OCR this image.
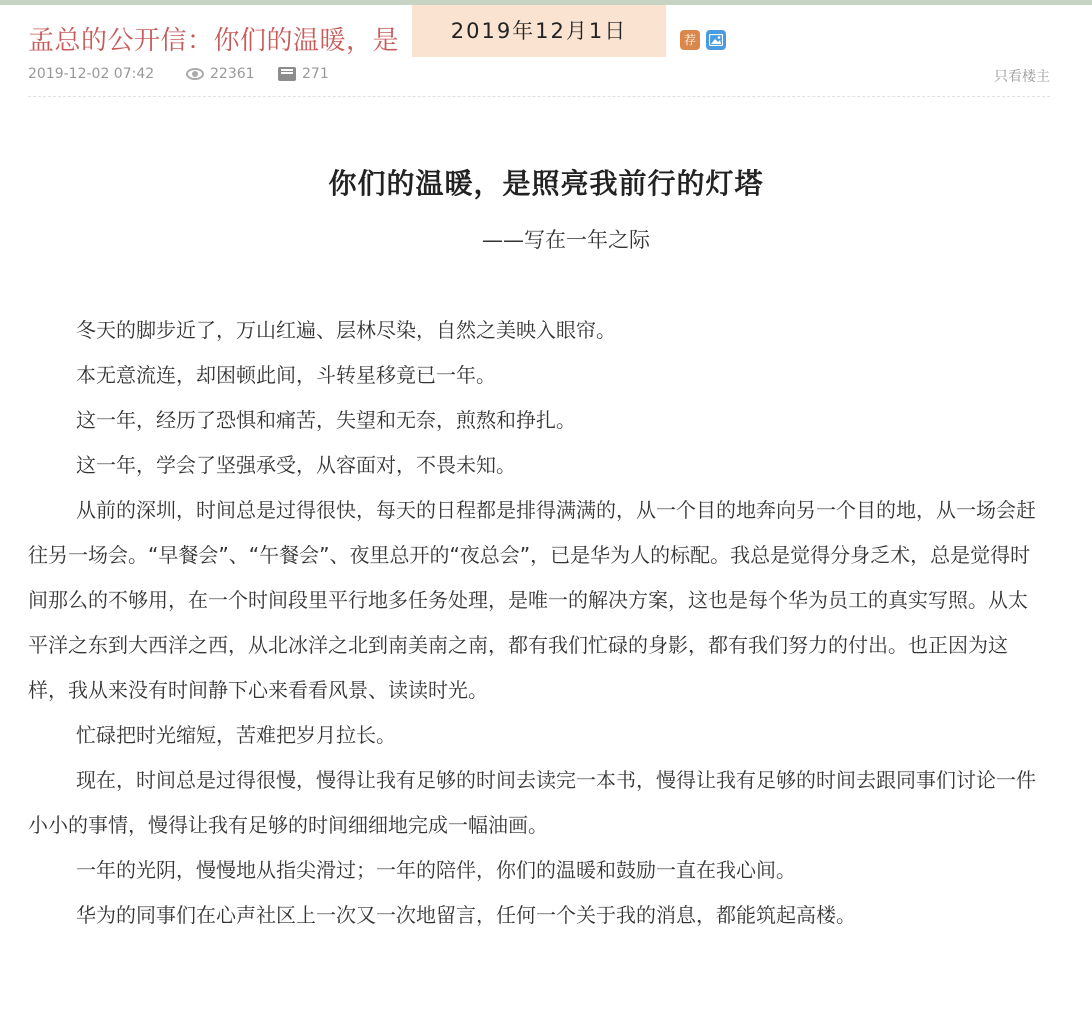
孟总的公开信：你们的温暖，是	2019年12月1日	荐
2019-12-02 07:42	22361	271	只看楼主
你们的温暖，是照亮我前行的灯塔
——写在一年之际

冬天的脚步近了，万山红遍、层林尽染，自然之美映入眼帘。

本无意流连，却困顿此间，斗转星移竟已一年。

这一年，经历了恐惧和痛苦，失望和无奈，煎熬和挣扎。

这一年，学会了坚强承受，从容面对，不畏未知。

从前的深圳，时间总是过得很快，每天的日程都是排得满满的，从一个目的地奔向另一个目的地，从一场会赶往另一场会。“早餐会”、“午餐会”、夜里总开的“夜总会”，已是华为人的标配。我总是觉得分身乏术，总是觉得时间那么的不够用，在一个时间段里平行地多任务处理，是唯一的解决方案，这也是每个华为员工的真实写照。从太平洋之东到大西洋之西，从北冰洋之北到南美南之南，都有我们忙碌的身影，都有我们努力的付出。也正因为这样，我从来没有时间静下心来看看风景、读读时光。

忙碌把时光缩短，苦难把岁月拉长。

现在，时间总是过得很慢，慢得让我有足够的时间去读完一本书，慢得让我有足够的时间去跟同事们讨论一件小小的事情，慢得让我有足够的时间细细地完成一幅油画。

一年的光阴，慢慢地从指尖滑过；一年的陪伴，你们的温暖和鼓励一直在我心间。

华为的同事们在心声社区上一次又一次地留言，任何一个关于我的消息，都能筑起高楼。
